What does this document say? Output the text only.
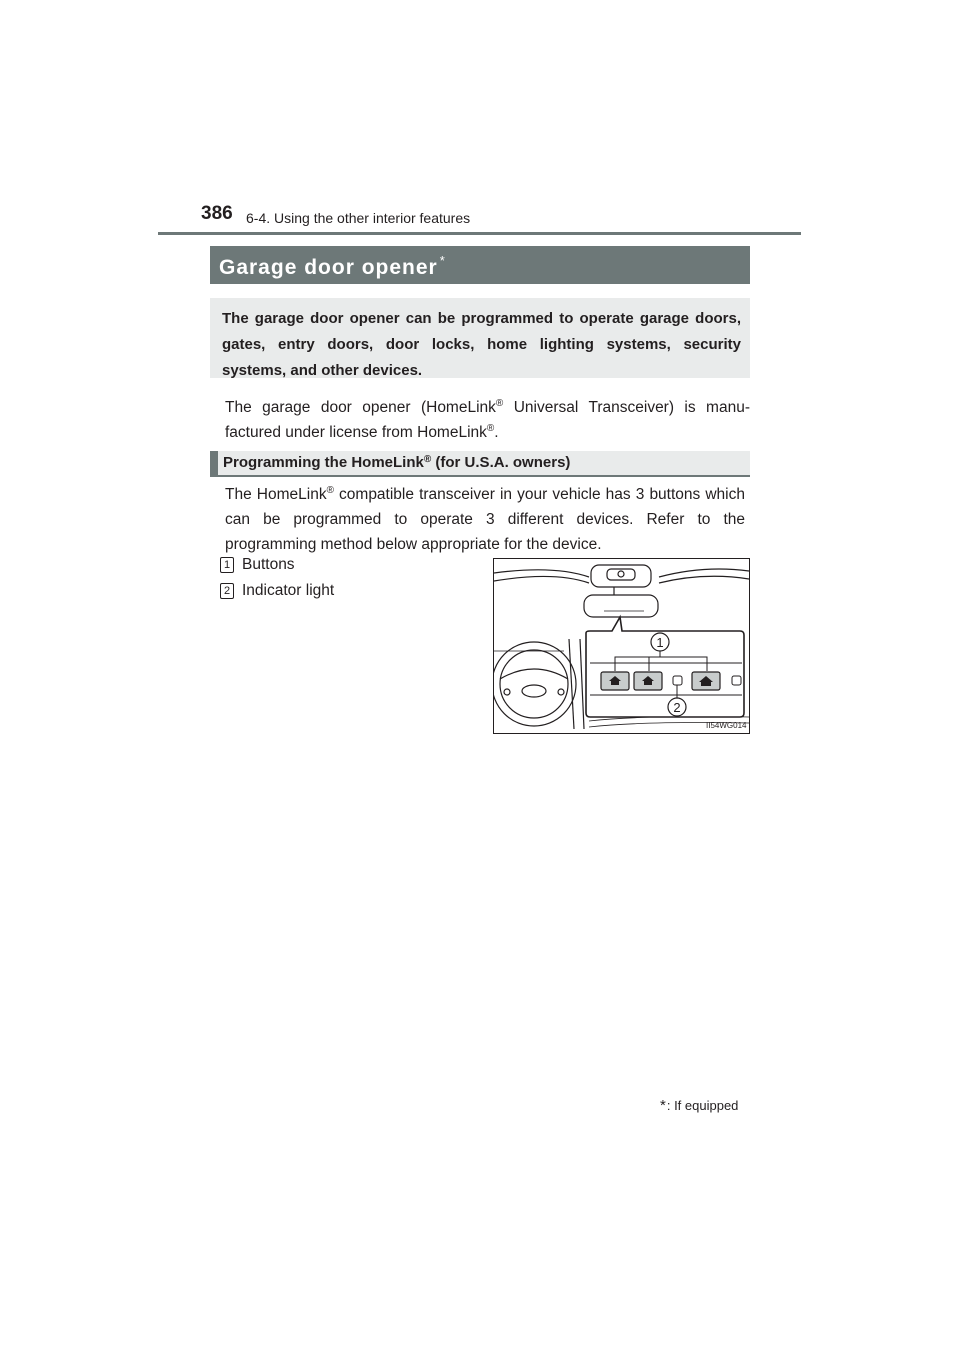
386 6-4. Using the other interior features
Garage door opener *
The garage door opener can be programmed to operate garage doors, gates, entry doors, door locks, home lighting systems, security systems, and other devices.
The garage door opener (HomeLink® Universal Transceiver) is manu-factured under license from HomeLink®.
Programming the HomeLink® (for U.S.A. owners)
The HomeLink® compatible transceiver in your vehicle has 3 buttons which can be programmed to operate 3 different devices. Refer to the programming method below appropriate for the device.
1 Buttons
2 Indicator light
1
2
II54WG014
* : If equipped
